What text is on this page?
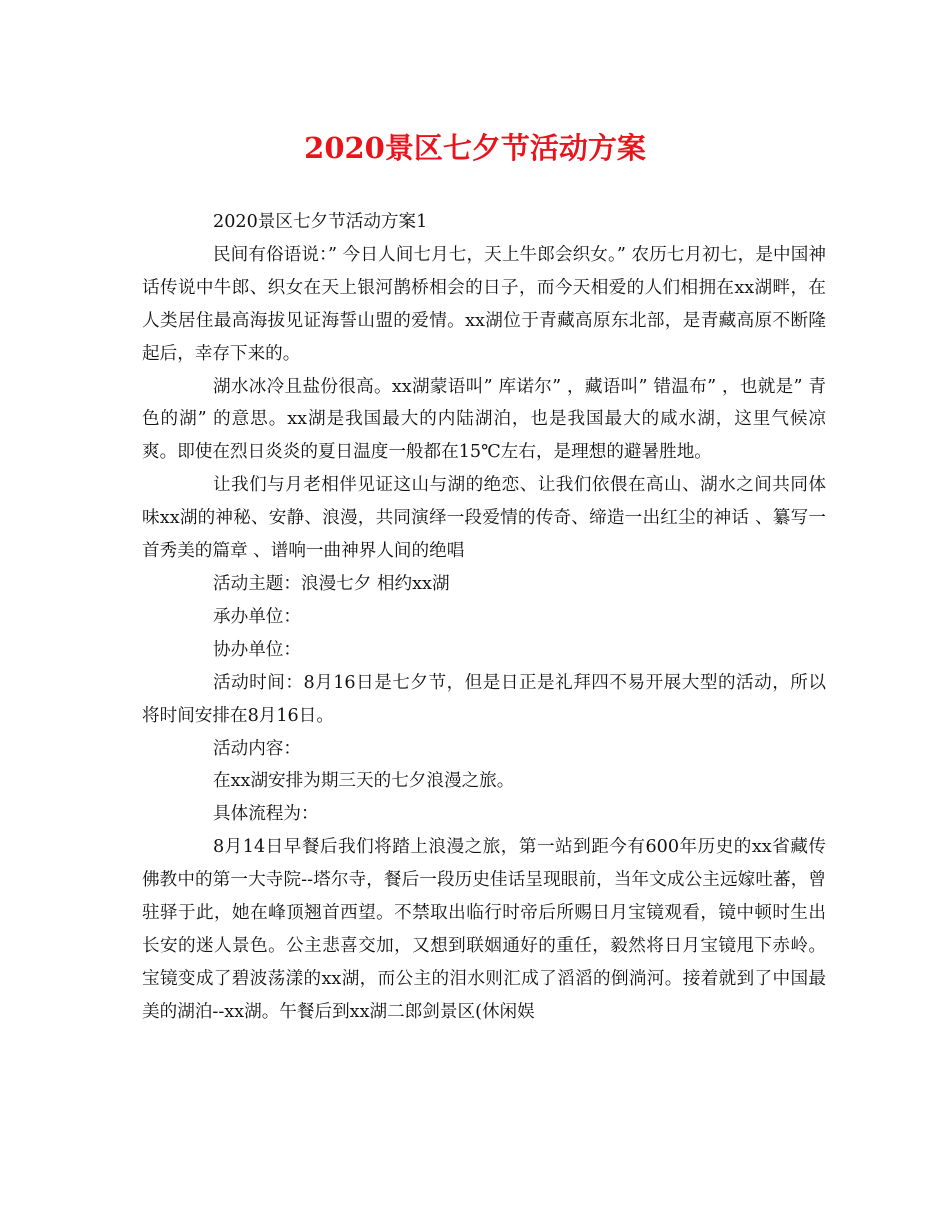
2020景区七夕节活动方案

2020景区七夕节活动方案1

民间有俗语说：” 今日人间七月七，天上牛郎会织女。” 农历七月初七，是中国神话传说中牛郎、织女在天上银河鹊桥相会的日子，而今天相爱的人们相拥在xx湖畔，在人类居住最高海拔见证海誓山盟的爱情。xx湖位于青藏高原东北部，是青藏高原不断隆起后，幸存下来的。

湖水冰冷且盐份很高。xx湖蒙语叫” 库诺尔” ，藏语叫” 错温布” ，也就是” 青色的湖” 的意思。xx湖是我国最大的内陆湖泊，也是我国最大的咸水湖，这里气候凉爽。即使在烈日炎炎的夏日温度一般都在15℃左右，是理想的避暑胜地。

让我们与月老相伴见证这山与湖的绝恋、让我们依偎在高山、湖水之间共同体味xx湖的神秘、安静、浪漫，共同演绎一段爱情的传奇、缔造一出红尘的神话 、纂写一首秀美的篇章 、谱响一曲神界人间的绝唱

活动主题：浪漫七夕 相约xx湖

承办单位：

协办单位：

活动时间：8月16日是七夕节，但是日正是礼拜四不易开展大型的活动，所以将时间安排在8月16日。

活动内容：

在xx湖安排为期三天的七夕浪漫之旅。

具体流程为：

8月14日早餐后我们将踏上浪漫之旅，第一站到距今有600年历史的xx省藏传佛教中的第一大寺院--塔尔寺，餐后一段历史佳话呈现眼前，当年文成公主远嫁吐蕃，曾驻驿于此，她在峰顶翘首西望。不禁取出临行时帝后所赐日月宝镜观看，镜中顿时生出长安的迷人景色。公主悲喜交加，又想到联姻通好的重任，毅然将日月宝镜甩下赤岭。宝镜变成了碧波荡漾的xx湖，而公主的泪水则汇成了滔滔的倒淌河。接着就到了中国最美的湖泊--xx湖。午餐后到xx湖二郎剑景区(休闲娱
